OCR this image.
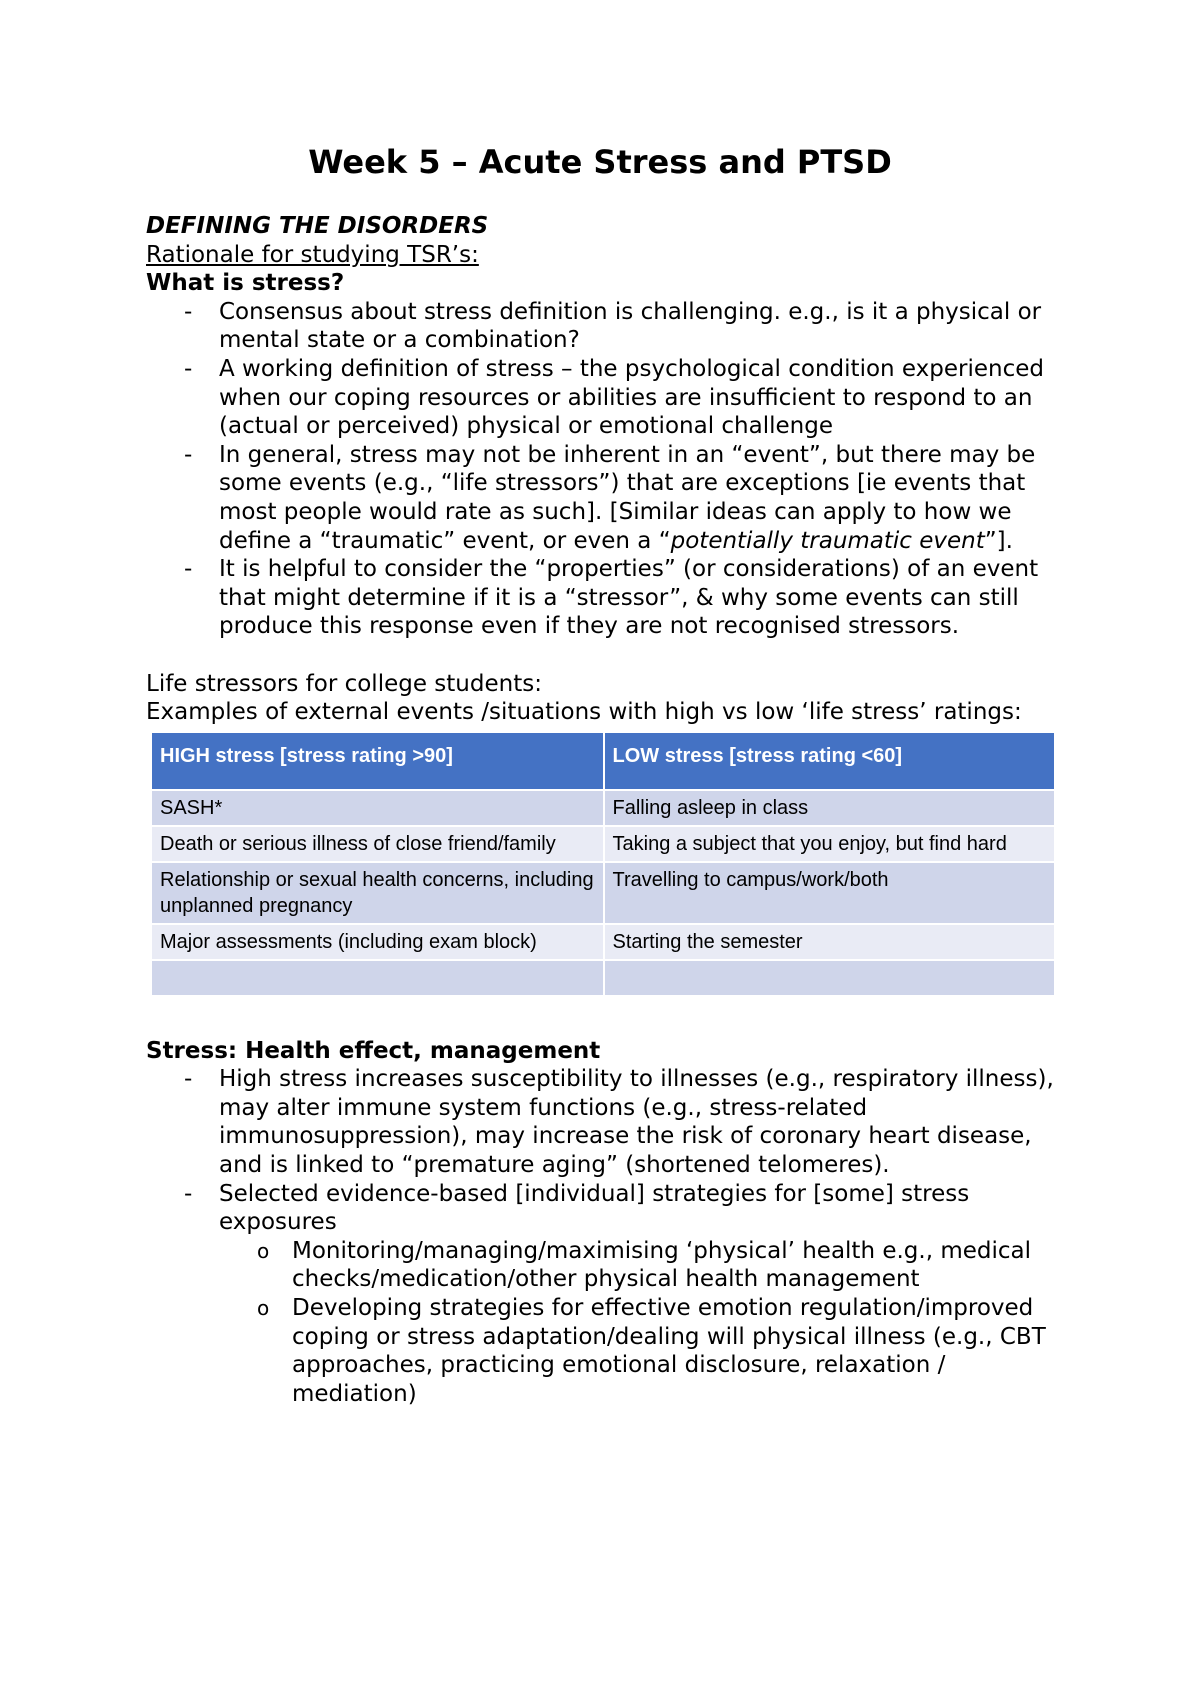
Week 5 – Acute Stress and PTSD
DEFINING THE DISORDERS
Rationale for studying TSR’s:
What is stress?
- Consensus about stress definition is challenging. e.g., is it a physical or mental state or a combination?
- A working definition of stress – the psychological condition experienced when our coping resources or abilities are insufficient to respond to an (actual or perceived) physical or emotional challenge
- In general, stress may not be inherent in an “event”, but there may be some events (e.g., “life stressors”) that are exceptions [ie events that most people would rate as such]. [Similar ideas can apply to how we define a “traumatic” event, or even a “potentially traumatic event”].
- It is helpful to consider the “properties” (or considerations) of an event that might determine if it is a “stressor”, & why some events can still produce this response even if they are not recognised stressors.
Life stressors for college students:
Examples of external events /situations with high vs low ‘life stress’ ratings:
HIGH stress [stress rating >90]	LOW stress [stress rating <60]
SASH*	Falling asleep in class
Death or serious illness of close friend/family	Taking a subject that you enjoy, but find hard
Relationship or sexual health concerns, including unplanned pregnancy	Travelling to campus/work/both
Major assessments (including exam block)	Starting the semester

Stress: Health effect, management
- High stress increases susceptibility to illnesses (e.g., respiratory illness), may alter immune system functions (e.g., stress-related immunosuppression), may increase the risk of coronary heart disease, and is linked to “premature aging” (shortened telomeres).
- Selected evidence-based [individual] strategies for [some] stress exposures
o Monitoring/managing/maximising ‘physical’ health e.g., medical checks/medication/other physical health management
o Developing strategies for effective emotion regulation/improved coping or stress adaptation/dealing will physical illness (e.g., CBT approaches, practicing emotional disclosure, relaxation / mediation)
